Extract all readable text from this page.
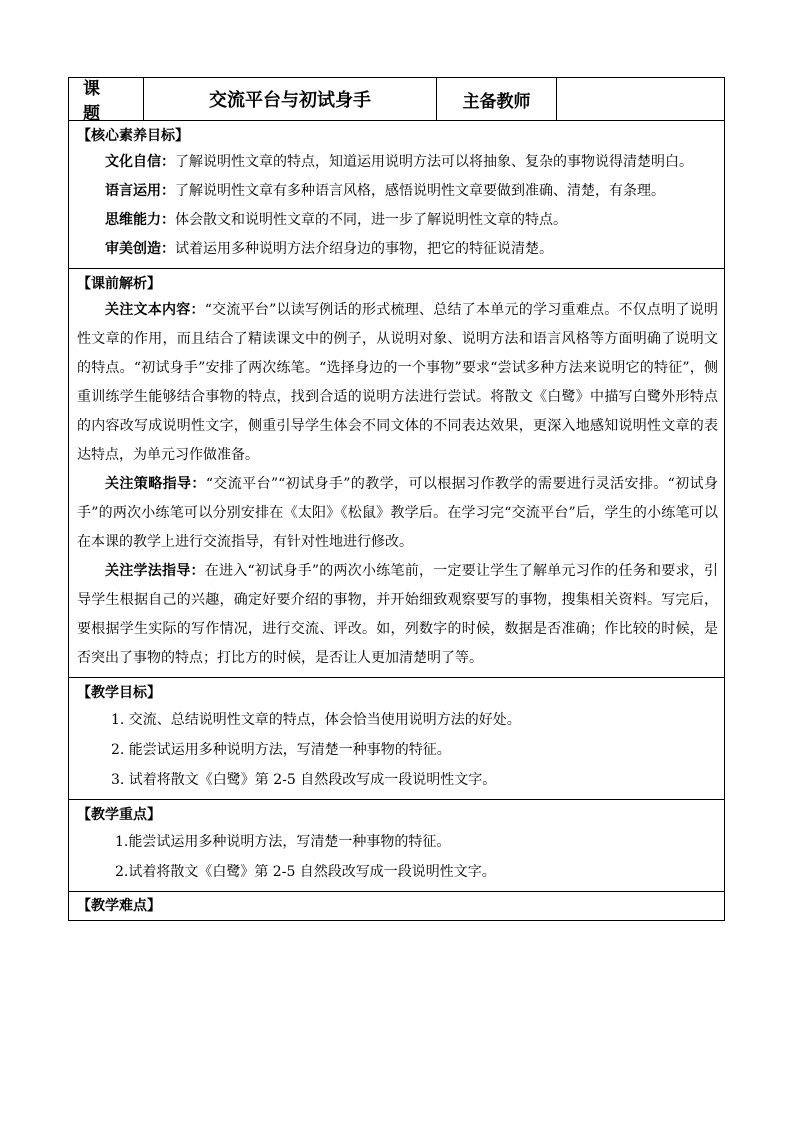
课题
交流平台与初试身手	主备教师
【核心素养目标】

文化自信：了解说明性文章的特点，知道运用说明方法可以将抽象、复杂的事物说得清楚明白。

语言运用：了解说明性文章有多种语言风格，感悟说明性文章要做到准确、清楚，有条理。

思维能力：体会散文和说明性文章的不同，进一步了解说明性文章的特点。

审美创造：试着运用多种说明方法介绍身边的事物，把它的特征说清楚。

【课前解析】

关注文本内容：“交流平台”以读写例话的形式梳理、总结了本单元的学习重难点。不仅点明了说明性文章的作用，而且结合了精读课文中的例子，从说明对象、说明方法和语言风格等方面明确了说明文的特点。“初试身手”安排了两次练笔。“选择身边的一个事物”要求“尝试多种方法来说明它的特征”，侧重训练学生能够结合事物的特点，找到合适的说明方法进行尝试。将散文《白鹭》中描写白鹭外形特点的内容改写成说明性文字，侧重引导学生体会不同文体的不同表达效果，更深入地感知说明性文章的表达特点，为单元习作做准备。

关注策略指导：“交流平台”“初试身手”的教学，可以根据习作教学的需要进行灵活安排。“初试身手”的两次小练笔可以分别安排在《太阳》《松鼠》教学后。在学习完“交流平台”后，学生的小练笔可以在本课的教学上进行交流指导，有针对性地进行修改。

关注学法指导：在进入“初试身手”的两次小练笔前，一定要让学生了解单元习作的任务和要求，引导学生根据自己的兴趣，确定好要介绍的事物，并开始细致观察要写的事物，搜集相关资料。写完后，要根据学生实际的写作情况，进行交流、评改。如，列数字的时候，数据是否准确；作比较的时候，是否突出了事物的特点；打比方的时候，是否让人更加清楚明了等。

【教学目标】

1. 交流、总结说明性文章的特点，体会恰当使用说明方法的好处。

2. 能尝试运用多种说明方法，写清楚一种事物的特征。

3. 试着将散文《白鹭》第 2-5 自然段改写成一段说明性文字。

【教学重点】

1.能尝试运用多种说明方法，写清楚一种事物的特征。

2.试着将散文《白鹭》第 2-5 自然段改写成一段说明性文字。

【教学难点】
